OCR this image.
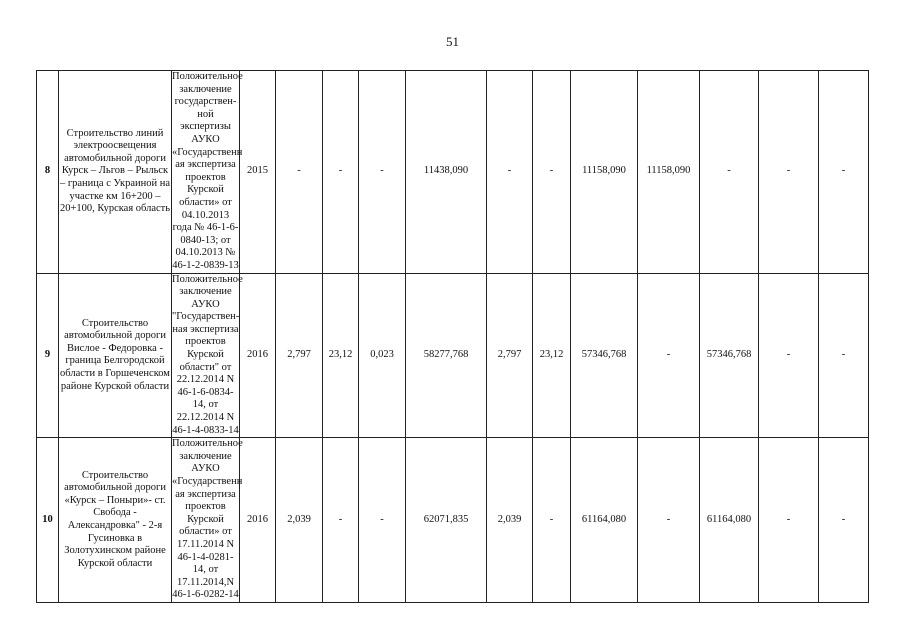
51
8	Строительство линий электроосвещения автомобильной дороги Курск – Льгов – Рыльск – граница с Украиной на участке км 16+200 – 20+100, Курская область	Положительное заключение государствен-ной экспертизы АУКО «Государственн ая экспертиза проектов Курской области» от 04.10.2013 года № 46-1-6-0840-13; от 04.10.2013 № 46-1-2-0839-13	2015	-	-	-	11438,090	-	-	11158,090	11158,090	-	-	-
9	Строительство автомобильной дороги Вислое - Федоровка - граница Белгородской области в Горшеченском районе Курской области	Положительное заключение АУКО "Государствен-ная экспертиза проектов Курской области" от 22.12.2014 N 46-1-6-0834-14, от 22.12.2014 N 46-1-4-0833-14	2016	2,797	23,12	0,023	58277,768	2,797	23,12	57346,768	-	57346,768	-	-
10	Строительство автомобильной дороги «Курск – Поныри»- ст. Свобода - Александровка" - 2-я Гусиновка в Золотухинском районе Курской области	Положительное заключение АУКО «Государственн ая экспертиза проектов Курской области» от 17.11.2014 N 46-1-4-0281-14, от 17.11.2014,N 46-1-6-0282-14	2016	2,039	-	-	62071,835	2,039	-	61164,080	-	61164,080	-	-
